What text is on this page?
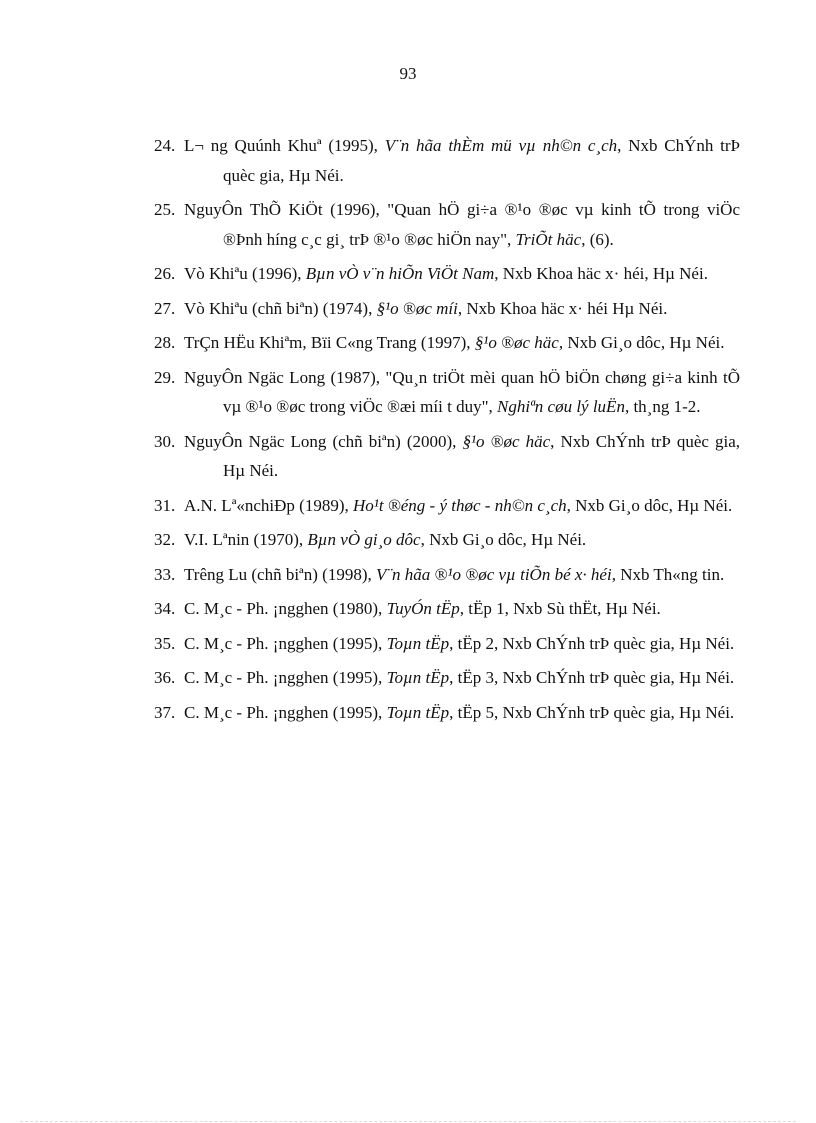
93
24. L¬ ng Quúnh Khuª (1995), V¨n hãa thÈm mü vµ nh©n c¸ch, Nxb ChÝnh trÞ quèc gia, Hµ Néi.
25. NguyÔn ThÕ KiÖt (1996), "Quan hÖ gi÷a ®¹o ®øc vµ kinh tÕ trong viÖc ®Þnh híng c¸c gi¸ trÞ ®¹o ®øc hiÖn nay", TriÕt häc, (6).
26. Vò Khiªu (1996), Bµn vÒ v¨n hiÕn ViÖt Nam, Nxb Khoa häc x· héi, Hµ Néi.
27. Vò Khiªu (chñ biªn) (1974), §¹o ®øc míi, Nxb Khoa häc x· héi Hµ Néi.
28. TrÇn HËu Khiªm, Bïi C«ng Trang (1997), §¹o ®øc häc, Nxb Gi¸o dôc, Hµ Néi.
29. NguyÔn Ngäc Long (1987), "Qu¸n triÖt mèi quan hÖ biÖn chøng gi÷a kinh tÕ vµ ®¹o ®øc trong viÖc ®æi míi t duy", Nghiªn cøu lý luËn, th¸ng 1-2.
30. NguyÔn Ngäc Long (chñ biªn) (2000), §¹o ®øc häc, Nxb ChÝnh trÞ quèc gia, Hµ Néi.
31. A.N. Lª«nchiÐp (1989), Ho¹t ®éng - ý thøc - nh©n c¸ch, Nxb Gi¸o dôc, Hµ Néi.
32. V.I. Lªnin (1970), Bµn vÒ gi¸o dôc, Nxb Gi¸o dôc, Hµ Néi.
33. Trêng Lu (chñ biªn) (1998), V¨n hãa ®¹o ®øc vµ tiÕn bé x· héi, Nxb Th«ng tin.
34. C. M¸c - Ph. ¡ngghen (1980), TuyÓn tËp, tËp 1, Nxb Sù thËt, Hµ Néi.
35. C. M¸c - Ph. ¡ngghen (1995), Toµn tËp, tËp 2, Nxb ChÝnh trÞ quèc gia, Hµ Néi.
36. C. M¸c - Ph. ¡ngghen (1995), Toµn tËp, tËp 3, Nxb ChÝnh trÞ quèc gia, Hµ Néi.
37. C. M¸c - Ph. ¡ngghen (1995), Toµn tËp, tËp 5, Nxb ChÝnh trÞ quèc gia, Hµ Néi.
